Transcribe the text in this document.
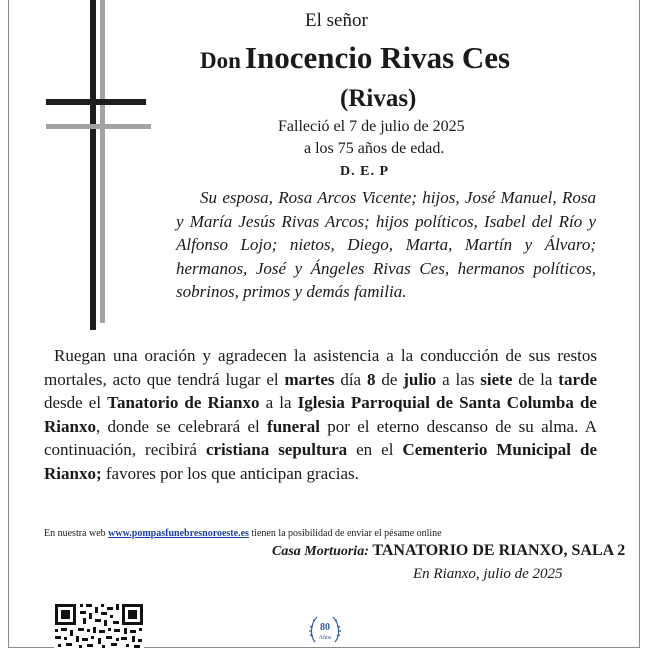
El señor
Don Inocencio Rivas Ces
(Rivas)
Falleció el 7 de julio de 2025
a los 75 años de edad.
D. E. P
Su esposa, Rosa Arcos Vicente; hijos, José Manuel, Rosa y María Jesús Rivas Arcos; hijos políticos, Isabel del Río y Alfonso Lojo; nietos, Diego, Marta, Martín y Álvaro; hermanos, José y Ángeles Rivas Ces, hermanos políticos, sobrinos, primos y demás familia.
Ruegan una oración y agradecen la asistencia a la conducción de sus restos mortales, acto que tendrá lugar el martes día 8 de julio a las siete de la tarde desde el Tanatorio de Rianxo a la Iglesia Parroquial de Santa Columba de Rianxo, donde se celebrará el funeral por el eterno descanso de su alma. A continuación, recibirá cristiana sepultura en el Cementerio Municipal de Rianxo; favores por los que anticipan gracias.
En nuestra web www.pompasfunebresnoroeste.es tienen la posibilidad de enviar el pésame online
Casa Mortuoria: TANATORIO DE RIANXO, SALA 2
En Rianxo, julio de 2025
80
Años
